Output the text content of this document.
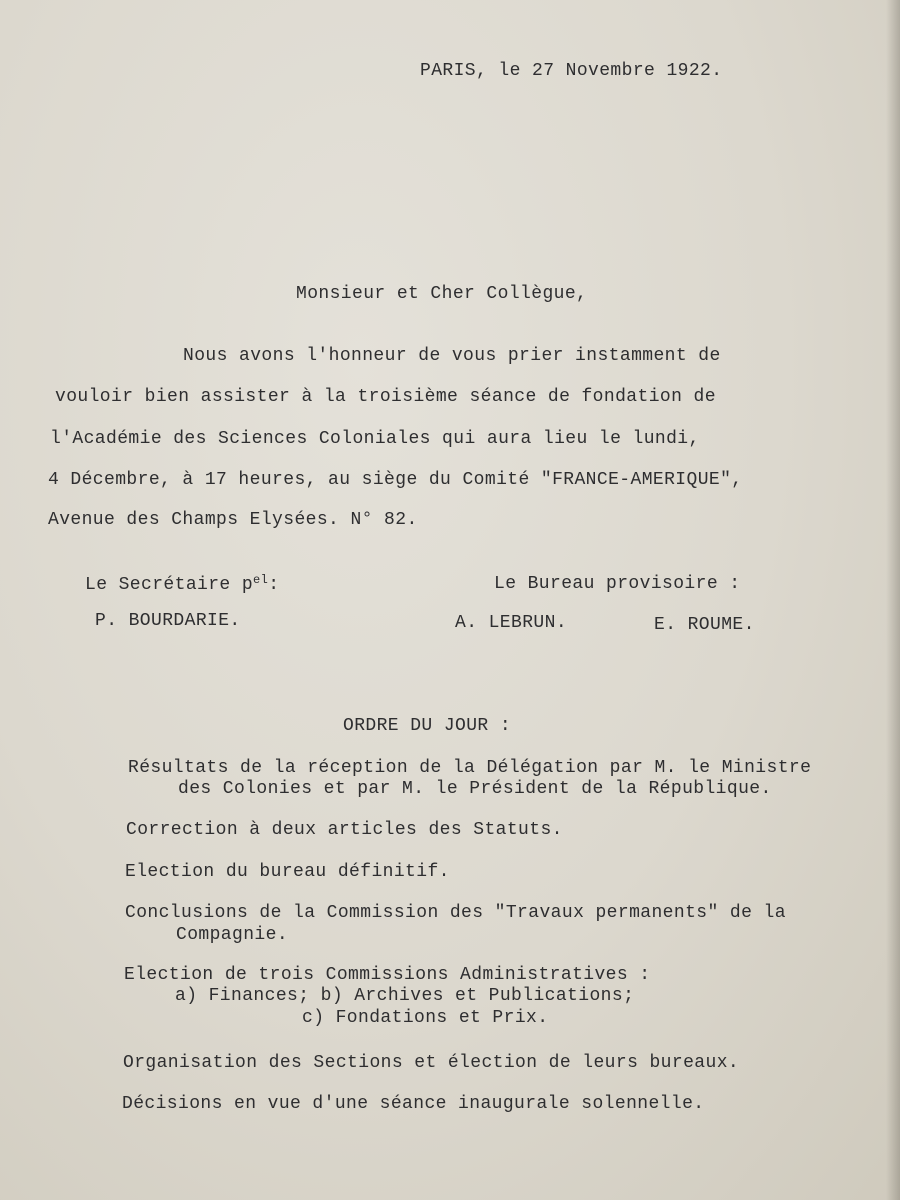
PARIS, le 27 Novembre 1922.
Monsieur et Cher Collègue,
Nous avons l'honneur de vous prier instamment de
vouloir bien assister à la troisième séance de fondation de
l'Académie des Sciences Coloniales qui aura lieu le lundi,
4 Décembre, à 17 heures, au siège du Comité "FRANCE-AMERIQUE",
Avenue des Champs Elysées. N° 82.
Le Secrétaire $p^{el}$:	Le Bureau provisoire :
P. BOURDARIE.	A. LEBRUN.	E. ROUME.
ORDRE DU JOUR :
Résultats de la réception de la Délégation par M. le Ministre
des Colonies et par M. le Président de la République.
Correction à deux articles des Statuts.
Election du bureau définitif.
Conclusions de la Commission des "Travaux permanents" de la
Compagnie.
Election de trois Commissions Administratives :
a) Finances; b) Archives et Publications;
c) Fondations et Prix.
Organisation des Sections et élection de leurs bureaux.
Décisions en vue d'une séance inaugurale solennelle.
